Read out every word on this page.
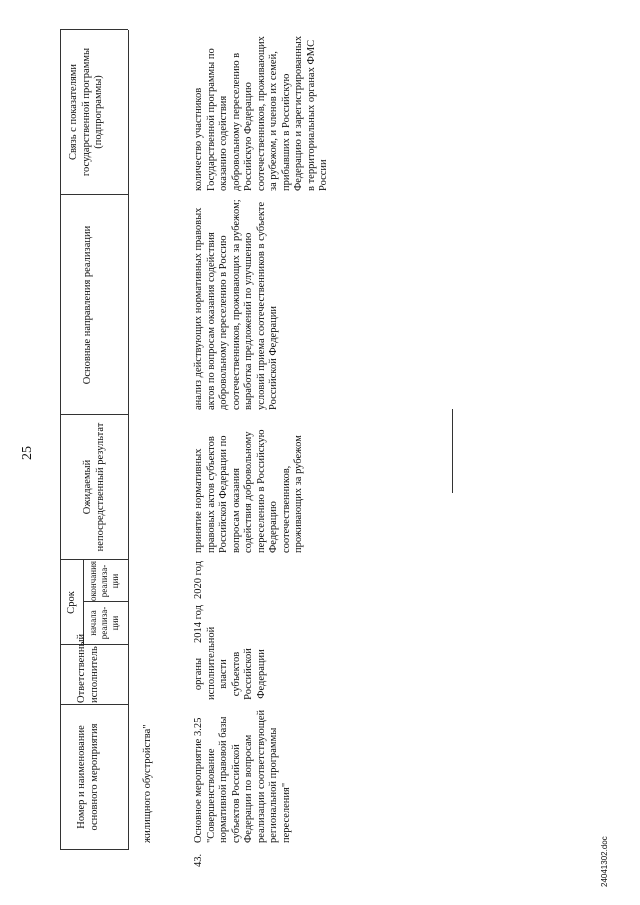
Номер и наименование основного мероприятия
Ответственный исполнитель
Срок
начала реализа-ции
окончания реализа-ции
Ожидаемый непосредственный результат
Основные направления реализации
Связь с показателями государственной программы (подпрограммы)
жилищного обустройства"
43.
Основное мероприятие 3.25 "Совершенствование нормативной правовой базы субъектов Российской Федерации по вопросам реализации соответствующей региональной программы переселения"
органы исполнительной власти субъектов Российской Федерации
2014 год
2020 год
принятие нормативных правовых актов субъектов Российской Федерации по вопросам оказания содействия добровольному переселению в Российскую Федерацию соотечественников, проживающих за рубежом
анализ действующих нормативных правовых актов по вопросам оказания содействия добровольному переселению в Россию соотечественников, проживающих за рубежом; выработка предложений по улучшению условий приема соотечественников в субъекте Российской Федерации
количество участников Государственной программы по оказанию содействия добровольному переселению в Российскую Федерацию соотечественников, проживающих за рубежом, и членов их семей, прибывших в Российскую Федерацию и зарегистрированных в территориальных органах ФМС России
25
24041302.doc
